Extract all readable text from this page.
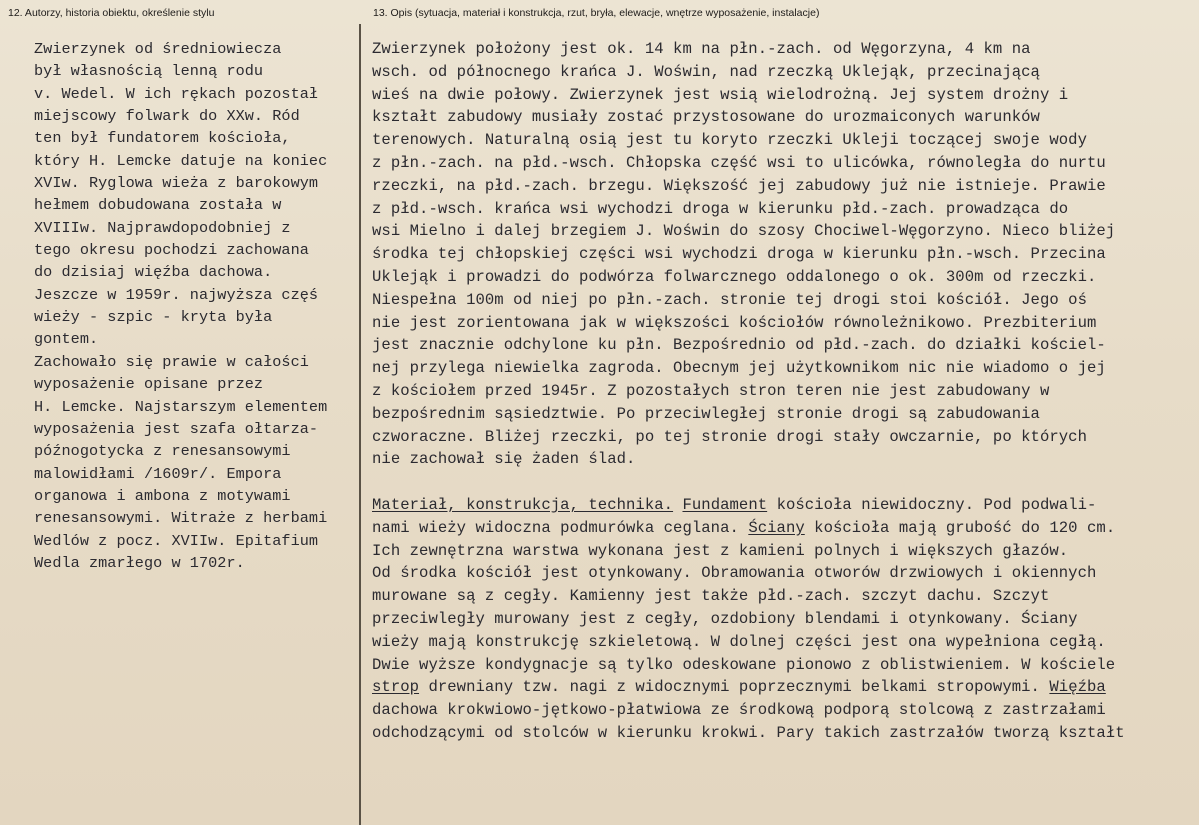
12. Autorzy, historia obiektu, określenie stylu
Zwierzynek od średniowiecza
był własnością lenną rodu
v. Wedel. W ich rękach pozostał
miejscowy folwark do XXw. Ród
ten był fundatorem kościoła,
który H. Lemcke datuje na koniec
XVIw. Ryglowa wieża z barokowym
hełmem dobudowana została w
XVIIIw. Najprawdopodobniej z
tego okresu pochodzi zachowana
do dzisiaj więźba dachowa.
Jeszcze w 1959r. najwyższa częś
wieży - szpic - kryta była
gontem.
Zachowało się prawie w całości
wyposażenie opisane przez
H. Lemcke. Najstarszym elementem
wyposażenia jest szafa ołtarza-
późnogotycka z renesansowymi
malowidłami /1609r/. Empora
organowa i ambona z motywami
renesansowymi. Witraże z herbami
Wedlów z pocz. XVIIw. Epitafium
Wedla zmarłego w 1702r.
13. Opis (sytuacja, materiał i konstrukcja, rzut, bryła, elewacje, wnętrze wyposażenie, instalacje)
Zwierzynek położony jest ok. 14 km na płn.-zach. od Węgorzyna, 4 km na
wsch. od północnego krańca J. Woświn, nad rzeczką Uklejąk, przecinającą
wieś na dwie połowy. Zwierzynek jest wsią wielodrożną. Jej system drożny i
kształt zabudowy musiały zostać przystosowane do urozmaiconych warunków
terenowych. Naturalną osią jest tu koryto rzeczki Ukleji toczącej swoje wody
z płn.-zach. na płd.-wsch. Chłopska część wsi to ulicówka, równoległa do nurtu
rzeczki, na płd.-zach. brzegu. Większość jej zabudowy już nie istnieje. Prawie
z płd.-wsch. krańca wsi wychodzi droga w kierunku płd.-zach. prowadząca do
wsi Mielno i dalej brzegiem J. Woświn do szosy Chociwel-Węgorzyno. Nieco bliżej
środka tej chłopskiej części wsi wychodzi droga w kierunku płn.-wsch. Przecina
Uklejąk i prowadzi do podwórza folwarcznego oddalonego o ok. 300m od rzeczki.
Niespełna 100m od niej po płn.-zach. stronie tej drogi stoi kościół. Jego oś
nie jest zorientowana jak w większości kościołów równoleżnikowo. Prezbiterium
jest znacznie odchylone ku płn. Bezpośrednio od płd.-zach. do działki kościel-
nej przylega niewielka zagroda. Obecnym jej użytkownikom nic nie wiadomo o jej
z kościołem przed 1945r. Z pozostałych stron teren nie jest zabudowany w
bezpośrednim sąsiedztwie. Po przeciwległej stronie drogi są zabudowania
czworaczne. Bliżej rzeczki, po tej stronie drogi stały owczarnie, po których
nie zachował się żaden ślad.
Materiał, konstrukcja, technika. Fundament kościoła niewidoczny. Pod podwali-
nami wieży widoczna podmurówka ceglana. Ściany kościoła mają grubość do 120 cm.
Ich zewnętrzna warstwa wykonana jest z kamieni polnych i większych głazów.
Od środka kościół jest otynkowany. Obramowania otworów drzwiowych i okiennych
murowane są z cegły. Kamienny jest także płd.-zach. szczyt dachu. Szczyt
przeciwległy murowany jest z cegły, ozdobiony blendami i otynkowany. Ściany
wieży mają konstrukcję szkieletową. W dolnej części jest ona wypełniona cegłą.
Dwie wyższe kondygnacje są tylko odeskowane pionowo z oblistwieniem. W kościele
strop drewniany tzw. nagi z widocznymi poprzecznymi belkami stropowymi. Więźba
dachowa krokwiowo-jętkowo-płatwiowa ze środkową podporą stolcową z zastrzałami
odchodzącymi od stolców w kierunku krokwi. Pary takich zastrzałów tworzą kształt
